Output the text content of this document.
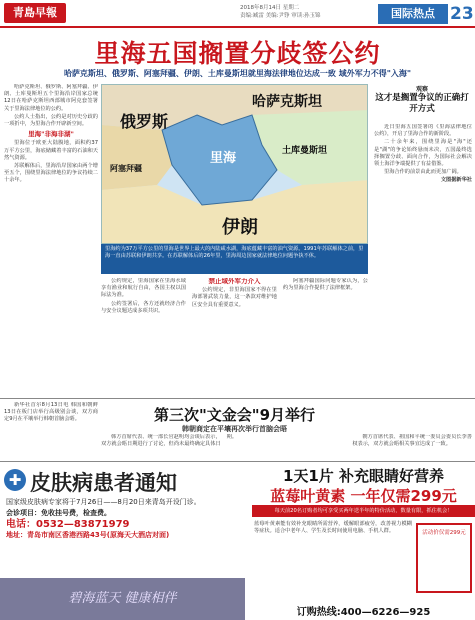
青島早報	2018年8月14日 星期二
责编:臧雷 美编:尹铮 审读:孙玉锦	国际热点 23
里海五国搁置分歧签公约
哈萨克斯坦、俄罗斯、阿塞拜疆、伊朗、土库曼斯坦就里海法律地位达成一致 域外军力不得"入海"

哈萨克斯坦、俄罗斯、阿塞拜疆、伊朗、土库曼斯坦五个里海沿岸国家总统12日在哈萨克斯坦西部城市阿克套签署关于里海法律地位的公约。

公约人士指出，公约是对历史分歧的一项折中，为里海合作开辟新空间。

里海"非海非湖"

里海位于欧亚大陆腹地，面积约37万平方公里，海底储藏着丰富的石油和天然气资源。

苏联解体后，里海沿岸国家由两个增至五个，围绕里海法律地位的争议持续二十余年。

俄罗斯
哈萨克斯坦
里海
阿塞拜疆
土库曼斯坦
伊朗
里海约为37万平方公里的里海是世界上最大的内陆咸水湖，海底蕴藏丰富的油气资源。1991年苏联解体之前，里海一直由苏联和伊朗共享。在苏联解体后的26年里，里海周边国家就法律地位问题争执不休。
观察
这才是搁置争议的正确打开方式

近日里海五国签署的《里海法律地位公约》，开启了里海合作的新阶段。

二十余年来，围绕里海是"海"还是"湖"的争论始终悬而未决，五国最终选择搁置分歧、面向合作，为国际社会解决领土海洋争端提供了有益借鉴。

里海合作的前景由此而更加广阔。

文图据新华社

公约规定，里海国家在里海水域享有渔业和航行自由，各国主权以国际法为准。

公约签署后，各方还就经济合作与安全议题达成多项共识。

禁止域外军力介入

公约规定，非里海国家不得在里海部署武装力量，这一条款对维护地区安全具有重要意义。

阿塞拜疆国际问题专家认为，公约为里海合作提供了法律框架。

新华社首尔8月13日电 韩国和朝鲜13日在板门店举行高级别会谈，双方商定9月在平壤举行韩朝首脑会晤。	第三次"文金会"9月举行
韩朝商定在平壤再次举行首脑会晤

韩方首席代表、统一部长官赵明均会谈后表示，双方就会晤日期进行了讨论，但尚未最终确定具体日期。	朝方首席代表、祖国和平统一委员会委员长李善权表示，双方就会晤相关事宜达成了一致。

✚ 皮肤病患者通知
国家级皮肤病专家将于7月26日——8月20日来青岛开设门诊。
会诊项目：免收挂号费，检查费。
电话：0532—83871979
地址：青岛市南区香港西路43号(原海天大酒店对面)
碧海蓝天 健康相伴
1天1片 补充眼睛好营养
蓝莓叶黄素 一年仅需299元
每天前20名订购者均可享受买两年送半年的特价活动，数量有限，抓住机会！
蓝莓叶黄素能有效补充眼睛所需营养，缓解眼部疲劳，改善视力模糊等症状。适合中老年人、学生及长时间使用电脑、手机人群。	活动价仅需299元
订购热线:400—6226—925
